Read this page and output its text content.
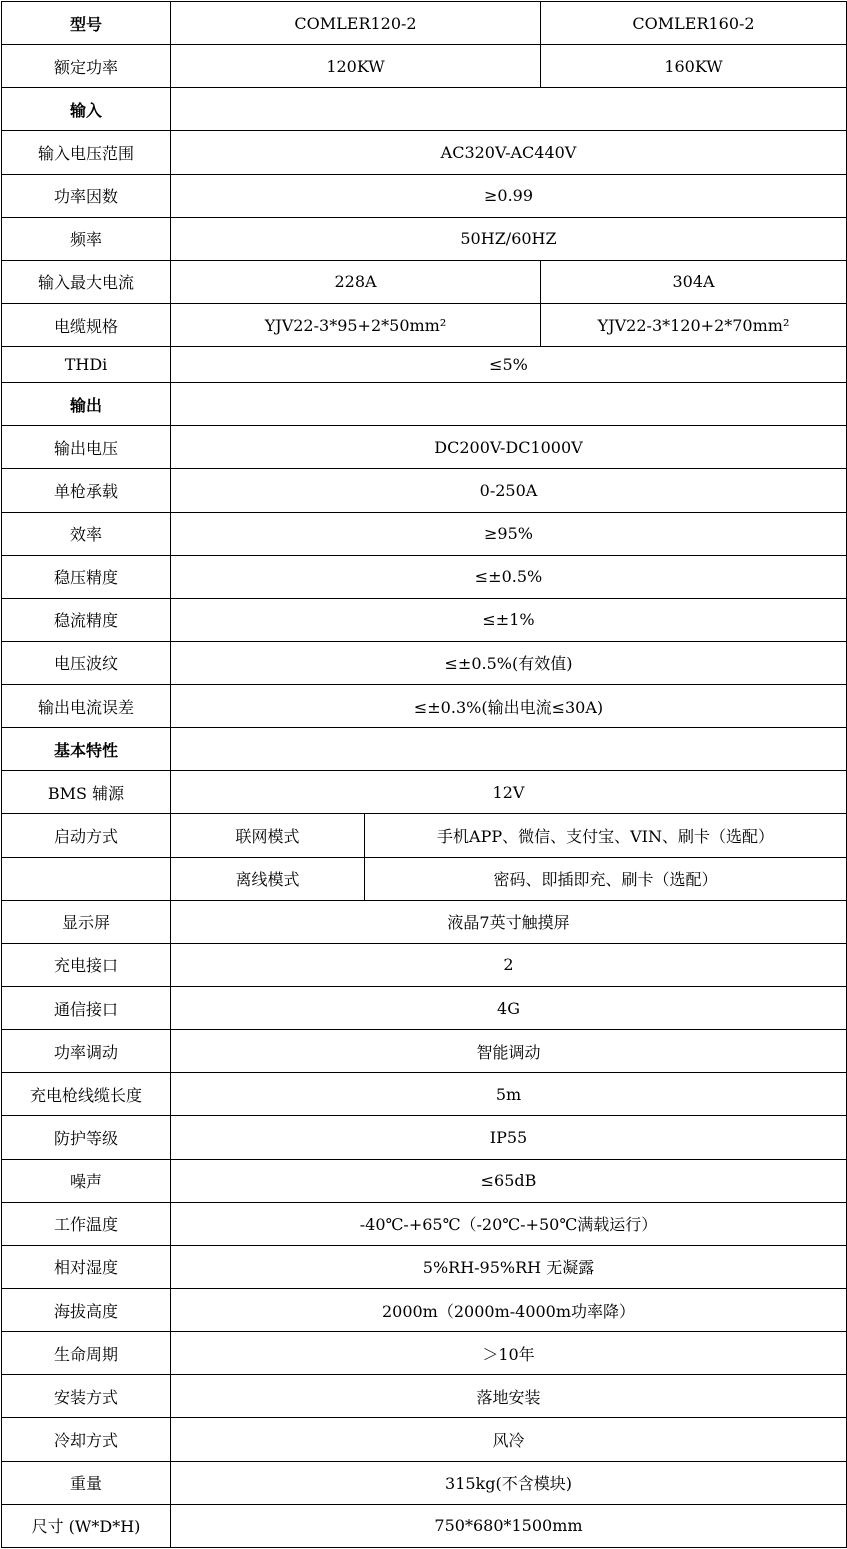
型号	COMLER120-2		COMLER160-2
额定功率	120KW		160KW
输入			
输入电压范围	AC320V-AC440V		
功率因数	≥0.99		
频率	50HZ/60HZ		
输入最大电流	228A		304A
电缆规格	YJV22-3*95+2*50mm²		YJV22-3*120+2*70mm²
THDi	≤5%		
输出			
输出电压	DC200V-DC1000V		
单枪承载	0-250A		
效率	≥95%		
稳压精度	≤±0.5%		
稳流精度	≤±1%		
电压波纹	≤±0.5%(有效值)		
输出电流误差	≤±0.3%(输出电流≤30A)		
基本特性			
BMS 辅源	12V		
启动方式	联网模式	手机APP、微信、支付宝、VIN、刷卡（选配）	
	离线模式	密码、即插即充、刷卡（选配）	
显示屏	液晶7英寸触摸屏		
充电接口	2		
通信接口	4G		
功率调动	智能调动		
充电枪线缆长度	5m		
防护等级	IP55		
噪声	≤65dB		
工作温度	-40℃-+65℃（-20℃-+50℃满载运行）		
相对湿度	5%RH-95%RH 无凝露		
海拔高度	2000m（2000m-4000m功率降）		
生命周期	＞10年		
安装方式	落地安装		
冷却方式	风冷		
重量	315kg(不含模块)		
尺寸 (W*D*H)	750*680*1500mm		
